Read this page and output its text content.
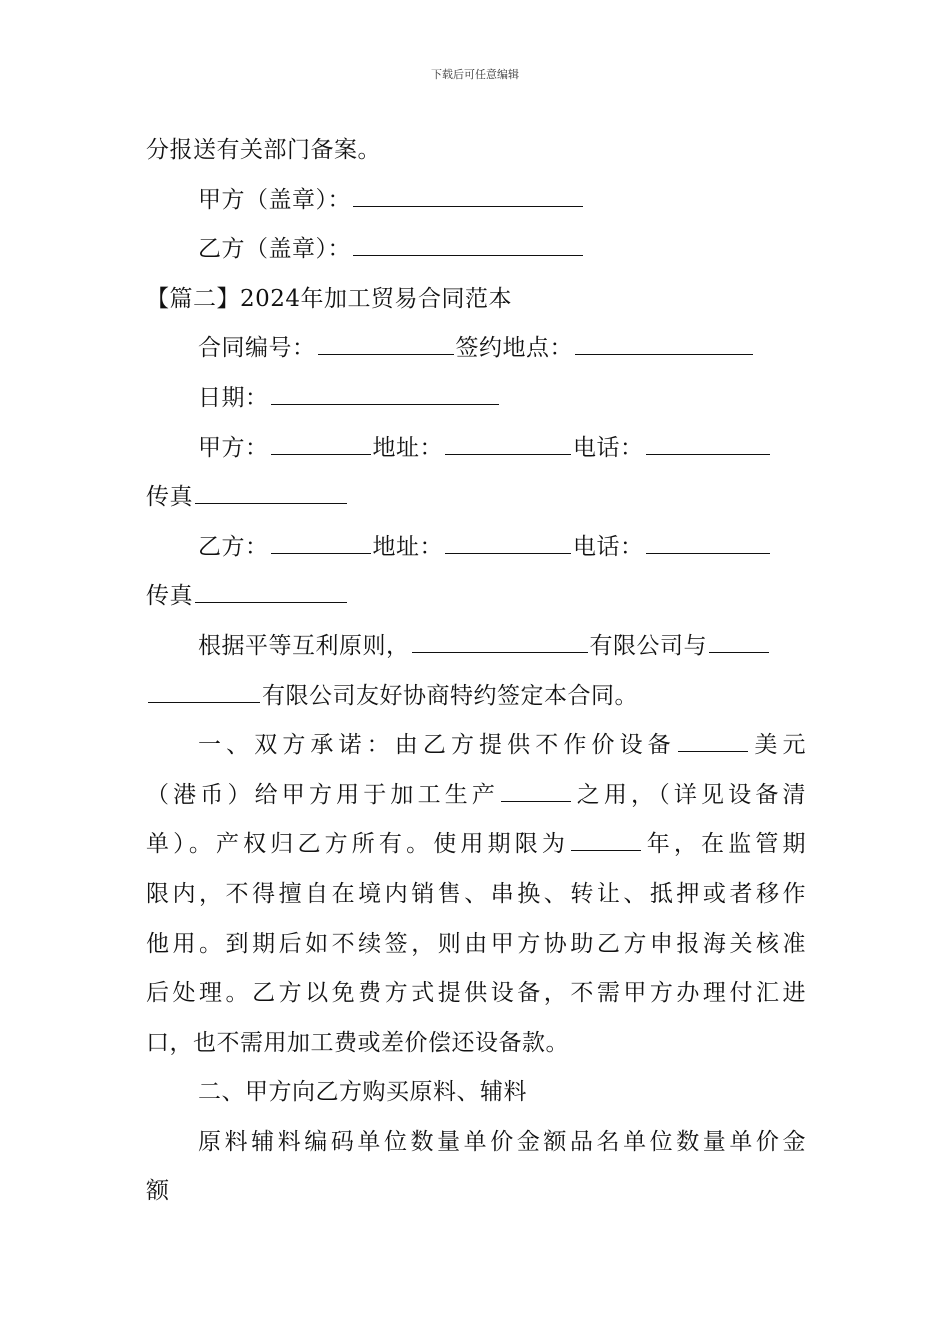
下载后可任意编辑
分报送有关部门备案。
甲方（盖章）：
乙方（盖章）：
【篇二】2024年加工贸易合同范本
合同编号：	签约地点：
日期：
甲方：	地址：	电话：
传真
乙方：	地址：	电话：
传真
根据平等互利原则，	有限公司与
有限公司友好协商特约签定本合同。
一、双方承诺：由乙方提供不作价设备	美元
（港币）给甲方用于加工生产	之用，（详见设备清
单）。产权归乙方所有。使用期限为	年，在监管期
限内，不得擅自在境内销售、串换、转让、抵押或者移作
他用。到期后如不续签，则由甲方协助乙方申报海关核准
后处理。乙方以免费方式提供设备，不需甲方办理付汇进
口，也不需用加工费或差价偿还设备款。
二、甲方向乙方购买原料、辅料
原料辅料编码单位数量单价金额品名单位数量单价金
额
